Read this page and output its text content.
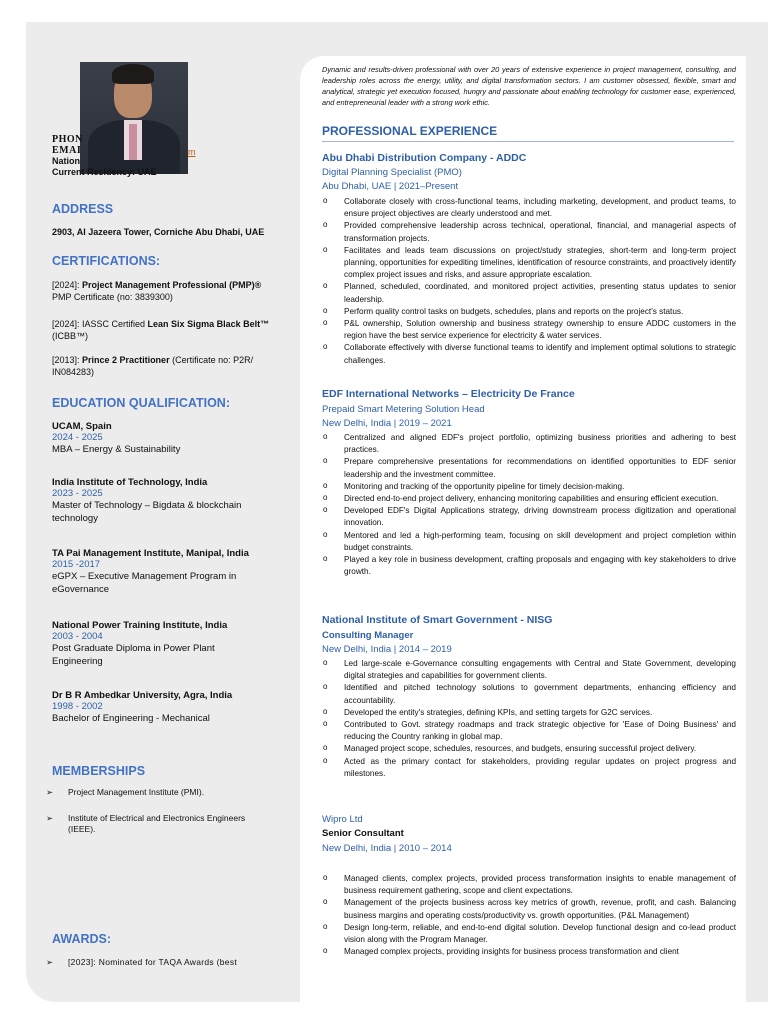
PHON
EMAI
Nation
Current Residency: UAE
m
ADDRESS
2903, Al Jazeera Tower, Corniche Abu Dhabi, UAE
CERTIFICATIONS:
[2024]: Project Management Professional (PMP)®
PMP Certificate (no: 3839300)
[2024]: IASSC Certified Lean Six Sigma Black Belt™
(ICBB™)
[2013]: Prince 2 Practitioner (Certificate no: P2R/
IN084283)
EDUCATION QUALIFICATION:
UCAM, Spain
2024 - 2025
MBA – Energy & Sustainability
India Institute of Technology, India
2023 - 2025
Master of Technology – Bigdata & blockchain technology
TA Pai Management Institute, Manipal, India
2015 -2017
eGPX – Executive Management Program in eGovernance
National Power Training Institute, India
2003 - 2004
Post Graduate Diploma in Power Plant Engineering
Dr B R Ambedkar University, Agra, India
1998 - 2002
Bachelor of Engineering - Mechanical
MEMBERSHIPS
➢ Project Management Institute (PMI).
➢ Institute of Electrical and Electronics Engineers (IEEE).
AWARDS:
➢ [2023]: Nominated for TAQA Awards (best
Dynamic and results-driven professional with over 20 years of extensive experience in project management, consulting, and leadership roles across the energy, utility, and digital transformation sectors. I am customer obsessed, flexible, smart and analytical, strategic yet execution focused, hungry and passionate about enabling technology for customer ease, experienced, and entrepreneurial leader with a strong work ethic.
PROFESSIONAL EXPERIENCE
Abu Dhabi Distribution Company - ADDC
Digital Planning Specialist (PMO)
Abu Dhabi, UAE | 2021–Present
o Collaborate closely with cross-functional teams, including marketing, development, and product teams, to ensure project objectives are clearly understood and met.
o Provided comprehensive leadership across technical, operational, financial, and managerial aspects of transformation projects.
o Facilitates and leads team discussions on project/study strategies, short-term and long-term project planning, opportunities for expediting timelines, identification of resource constraints, and proactively identify complex project issues and risks, and assure appropriate escalation.
o Planned, scheduled, coordinated, and monitored project activities, presenting status updates to senior leadership.
o Perform quality control tasks on budgets, schedules, plans and reports on the project's status.
o P&L ownership, Solution ownership and business strategy ownership to ensure ADDC customers in the region have the best service experience for electricity & water services.
o Collaborate effectively with diverse functional teams to identify and implement optimal solutions to strategic challenges.
EDF International Networks – Electricity De France
Prepaid Smart Metering Solution Head
New Delhi, India | 2019 – 2021
o Centralized and aligned EDF's project portfolio, optimizing business priorities and adhering to best practices.
o Prepare comprehensive presentations for recommendations on identified opportunities to EDF senior leadership and the investment committee.
o Monitoring and tracking of the opportunity pipeline for timely decision-making.
o Directed end-to-end project delivery, enhancing monitoring capabilities and ensuring efficient execution.
o Developed EDF's Digital Applications strategy, driving downstream process digitization and operational innovation.
o Mentored and led a high-performing team, focusing on skill development and project completion within budget constraints.
o Played a key role in business development, crafting proposals and engaging with key stakeholders to drive growth.
National Institute of Smart Government - NISG
Consulting Manager
New Delhi, India | 2014 – 2019
o Led large-scale e-Governance consulting engagements with Central and State Government, developing digital strategies and capabilities for government clients.
o Identified and pitched technology solutions to government departments, enhancing efficiency and accountability.
o Developed the entity's strategies, defining KPIs, and setting targets for G2C services.
o Contributed to Govt. strategy roadmaps and track strategic objective for 'Ease of Doing Business' and reducing the Country ranking in global map.
o Managed project scope, schedules, resources, and budgets, ensuring successful project delivery.
o Acted as the primary contact for stakeholders, providing regular updates on project progress and milestones.
Wipro Ltd
Senior Consultant
New Delhi, India | 2010 – 2014
o Managed clients, complex projects, provided process transformation insights to enable management of business requirement gathering, scope and client expectations.
o Management of the projects business across key metrics of growth, revenue, profit, and cash. Balancing business margins and operating costs/productivity vs. growth opportunities. (P&L Management)
o Design long-term, reliable, and end-to-end digital solution. Develop functional design and co-lead product vision along with the Program Manager.
o Managed complex projects, providing insights for business process transformation and client
